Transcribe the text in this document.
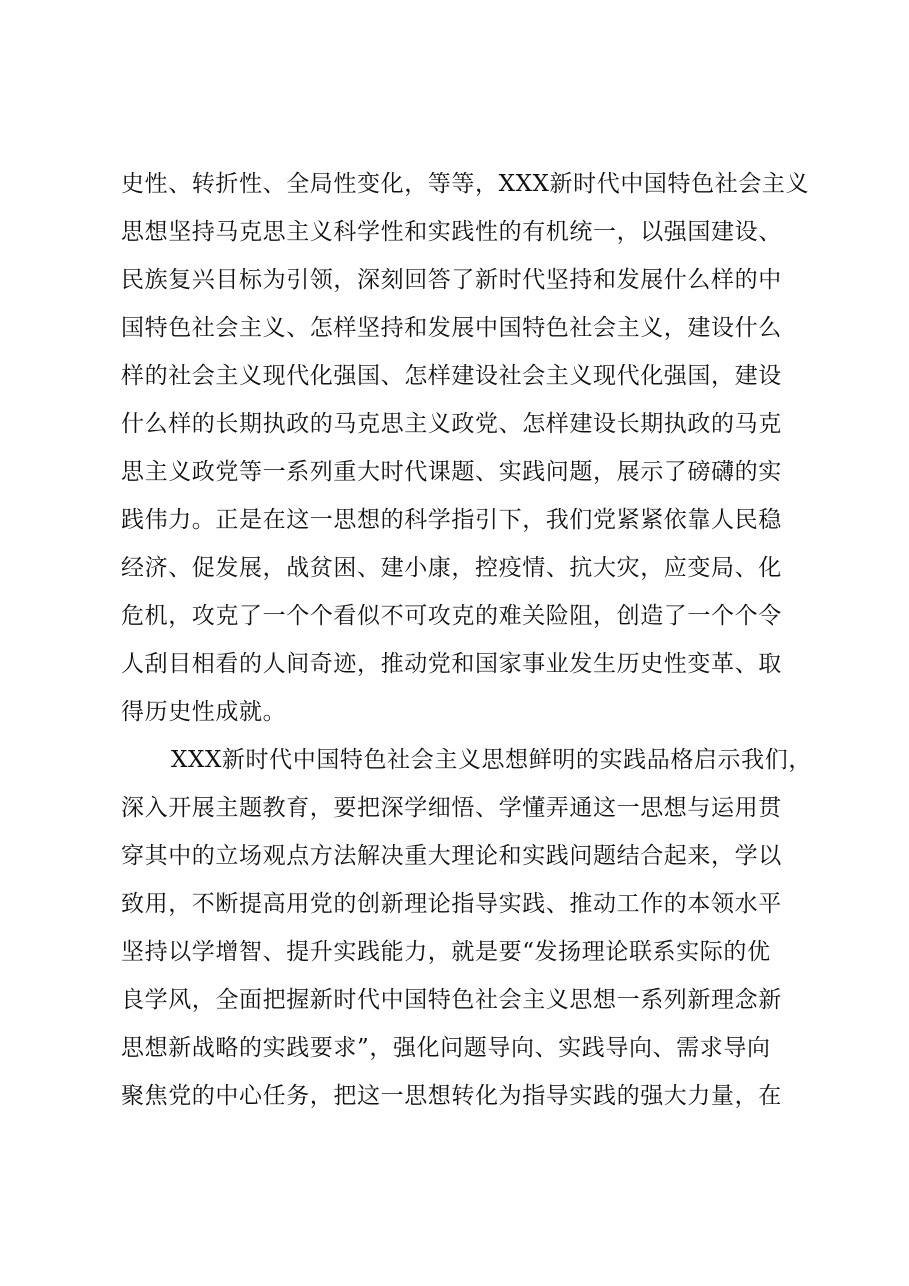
史性、转折性、全局性变化，等等，XXX新时代中国特色社会主义
思想坚持马克思主义科学性和实践性的有机统一，以强国建设、
民族复兴目标为引领，深刻回答了新时代坚持和发展什么样的中
国特色社会主义、怎样坚持和发展中国特色社会主义，建设什么
样的社会主义现代化强国、怎样建设社会主义现代化强国，建设
什么样的长期执政的马克思主义政党、怎样建设长期执政的马克
思主义政党等一系列重大时代课题、实践问题，展示了磅礴的实
践伟力。正是在这一思想的科学指引下，我们党紧紧依靠人民稳
经济、促发展，战贫困、建小康，控疫情、抗大灾，应变局、化
危机，攻克了一个个看似不可攻克的难关险阻，创造了一个个令
人刮目相看的人间奇迹，推动党和国家事业发生历史性变革、取
得历史性成就。
XXX新时代中国特色社会主义思想鲜明的实践品格启示我们，
深入开展主题教育，要把深学细悟、学懂弄通这一思想与运用贯
穿其中的立场观点方法解决重大理论和实践问题结合起来，学以
致用，不断提高用党的创新理论指导实践、推动工作的本领水平
坚持以学增智、提升实践能力，就是要“发扬理论联系实际的优
良学风，全面把握新时代中国特色社会主义思想一系列新理念新
思想新战略的实践要求”，强化问题导向、实践导向、需求导向
聚焦党的中心任务，把这一思想转化为指导实践的强大力量，在
